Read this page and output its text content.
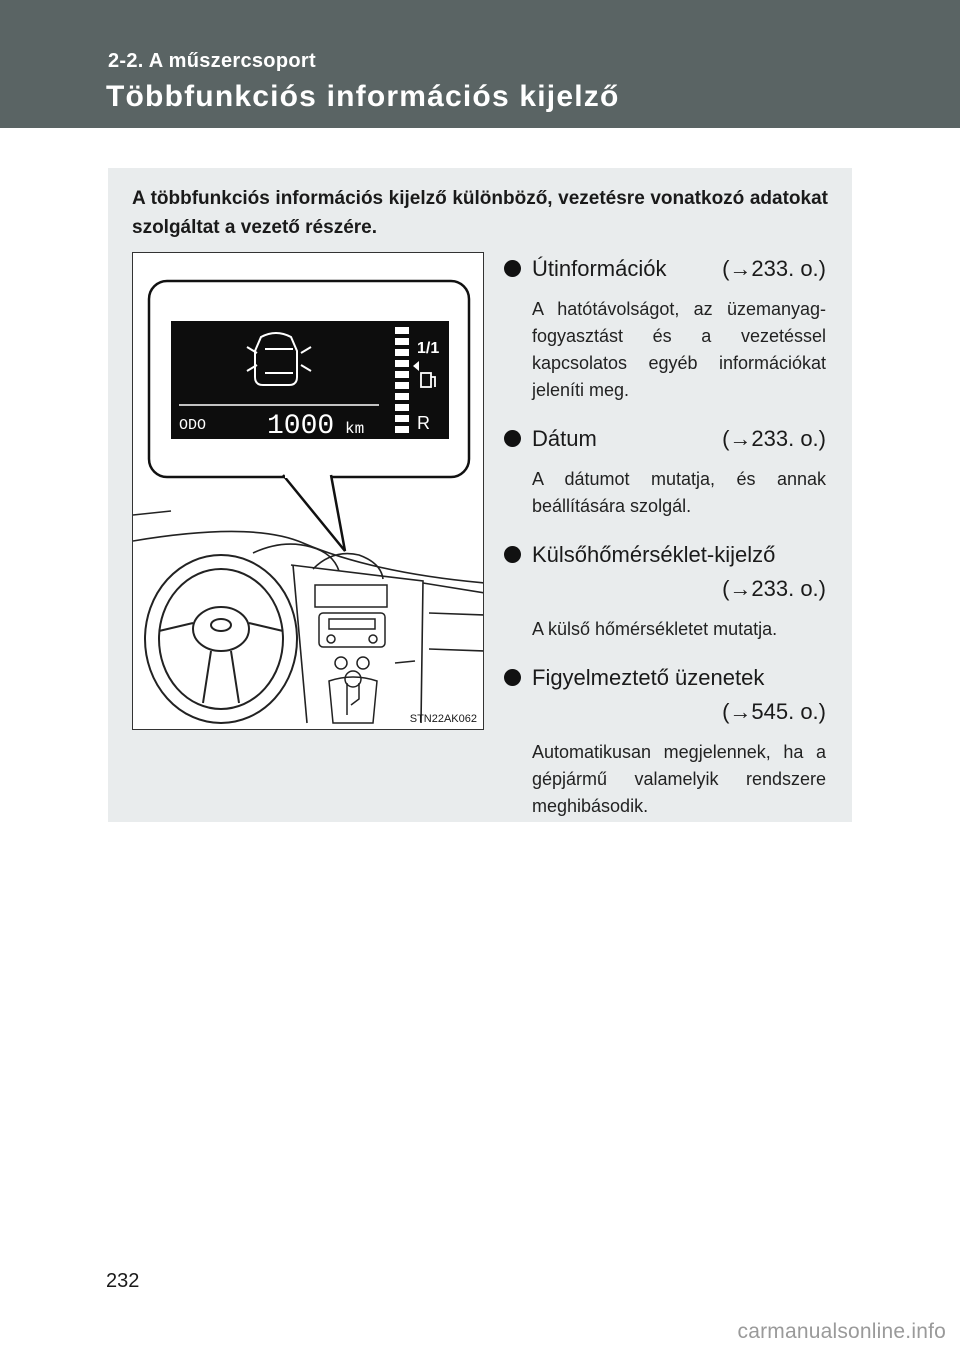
2-2. A műszercsoport
Többfunkciós információs kijelző
A többfunkciós információs kijelző különböző, vezetésre vonatkozó adatokat szolgáltat a vezető részére.
ODO 1000 km
1/1
R
STN22AK062
Útinformációk	(→233. o.)
A hatótávolságot, az üzemanyag-fogyasztást és a vezetéssel kapcsolatos egyéb információkat jeleníti meg.
Dátum	(→233. o.)
A dátumot mutatja, és annak beállítására szolgál.
Külsőhőmérséklet-kijelző
(→233. o.)
A külső hőmérsékletet mutatja.
Figyelmeztető üzenetek
(→545. o.)
Automatikusan megjelennek, ha a gépjármű valamelyik rendszere meghibásodik.
232
carmanualsonline.info
